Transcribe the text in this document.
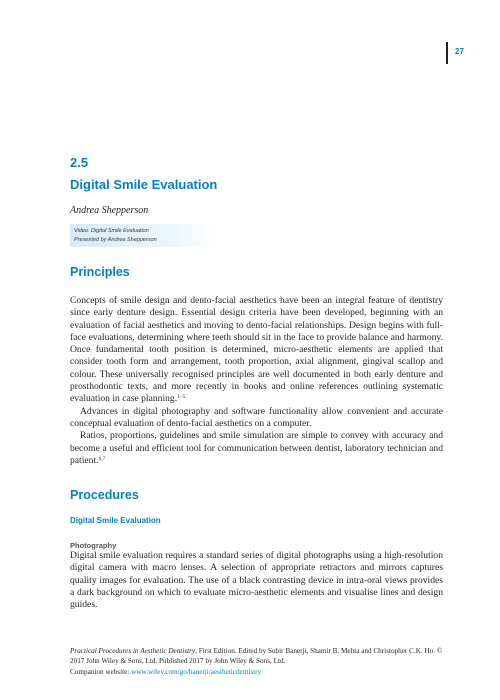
27
2.5
Digital Smile Evaluation
Andrea Shepperson
Video: Digital Smile Evaluation
Presented by Andrea Shepperson
Principles

Concepts of smile design and dento-facial aesthetics have been an integral feature of dentistry since early denture design. Essential design criteria have been developed, beginning with an evaluation of facial aesthetics and moving to dento-facial relationships. Design begins with full-face evaluations, determining where teeth should sit in the face to provide balance and harmony. Once fundamental tooth position is determined, micro-aesthetic elements are applied that consider tooth form and arrangement, tooth proportion, axial alignment, gingival scallop and colour. These universally recognised principles are well documented in both early denture and prosthodontic texts, and more recently in books and online references outlining systematic evaluation in case planning.$^{1-5}$

Advances in digital photography and software functionality allow convenient and accurate conceptual evaluation of dento-facial aesthetics on a computer.

Ratios, proportions, guidelines and smile simulation are simple to convey with accuracy and become a useful and efficient tool for communication between dentist, laboratory technician and patient.$^{6,7}$

Procedures
Digital Smile Evaluation
Photography

Digital smile evaluation requires a standard series of digital photographs using a high-resolution digital camera with macro lenses. A selection of appropriate retractors and mirrors captures quality images for evaluation. The use of a black contrasting device in intra-oral views provides a dark background on which to evaluate micro-aesthetic elements and visualise lines and design guides.

Practical Procedures in Aesthetic Dentistry, First Edition. Edited by Subir Banerji, Shamir B. Mehta and Christopher C.K. Ho. © 2017 John Wiley & Sons, Ltd. Published 2017 by John Wiley & Sons, Ltd.
Companion website: www.wiley.com/go/banerji/aestheticdentistry
